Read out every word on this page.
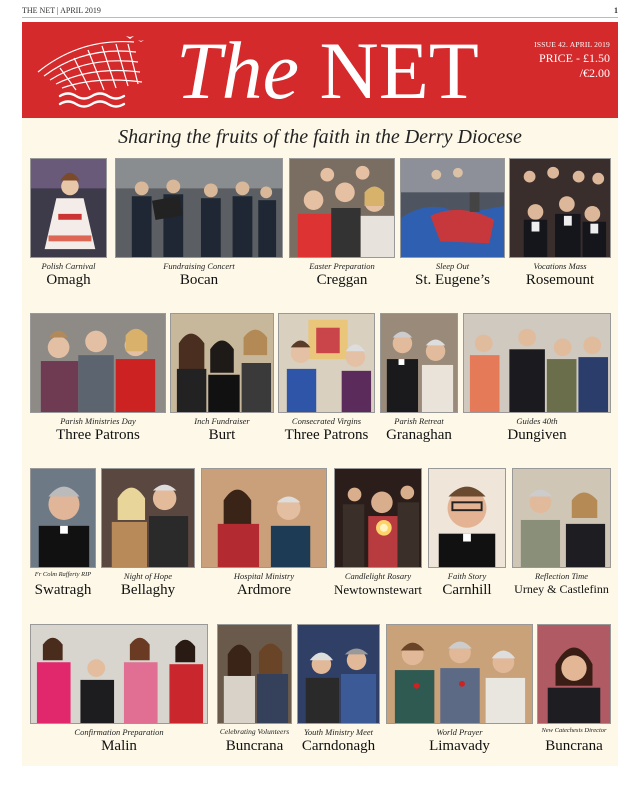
THE NET | APRIL 2019	1
The NET	ISSUE 42. APRIL 2019
PRICE - £1.50
/€2.00
Sharing the fruits of the faith in the Derry Diocese
Polish Carnival
Omagh
Fundraising Concert
Bocan
Easter Preparation
Creggan
Sleep Out
St. Eugene’s
Vocations Mass
Rosemount
Parish Ministries Day
Three Patrons
Inch Fundraiser
Burt
Consecrated Virgins
Three Patrons
Parish Retreat
Granaghan
Guides 40th
Dungiven
Fr Colm Rafferty RIP
Swatragh
Night of Hope
Bellaghy
Hospital Ministry
Ardmore
Candlelight Rosary
Newtownstewart
Faith Story
Carnhill
Reflection Time
Urney & Castlefinn
Confirmation Preparation
Malin
Celebrating Volunteers
Buncrana
Youth Ministry Meet
Carndonagh
World Prayer
Limavady
New Catechesis Director
Buncrana
